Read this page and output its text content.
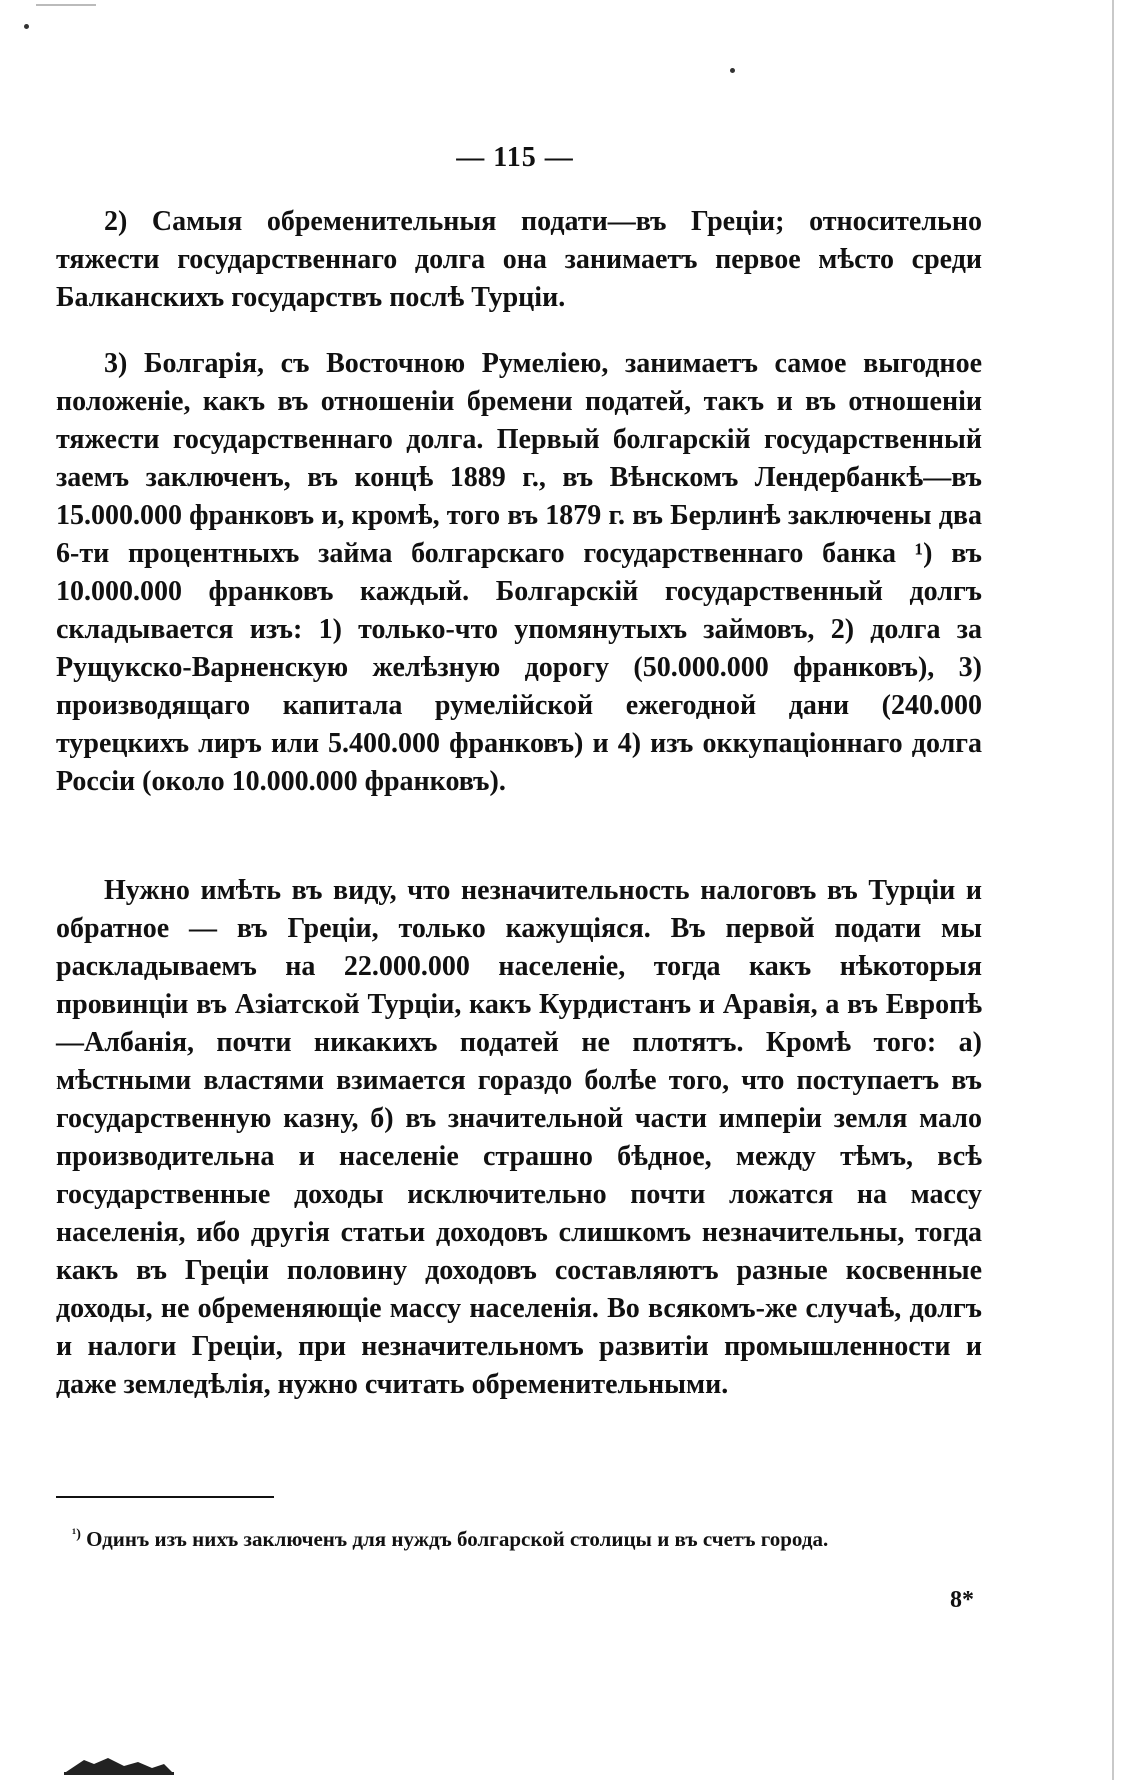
— 115 —

2) Самыя обременительныя подати—въ Греціи; относительно тяжести государственнаго долга она занимаетъ первое мѣсто среди Балканскихъ государствъ послѣ Турціи.

3) Болгарія, съ Восточною Румеліею, занимаетъ самое выгодное положеніе, какъ въ отношеніи бремени податей, такъ и въ отношеніи тяжести государственнаго долга. Первый болгарскій государственный заемъ заключенъ, въ концѣ 1889 г., въ Вѣнскомъ Лендербанкѣ—въ 15.000.000 франковъ и, кромѣ, того въ 1879 г. въ Берлинѣ заключены два 6-ти процентныхъ займа болгарскаго государственнаго банка ¹) въ 10.000.000 франковъ каждый. Болгарскій государственный долгъ складывается изъ: 1) только-что упомянутыхъ займовъ, 2) долга за Рущукско-Варненскую желѣзную дорогу (50.000.000 франковъ), 3) производящаго капитала румелійской ежегодной дани (240.000 турецкихъ лиръ или 5.400.000 франковъ) и 4) изъ оккупаціоннаго долга Россіи (около 10.000.000 франковъ).

Нужно имѣть въ виду, что незначительность налоговъ въ Турціи и обратное — въ Греціи, только кажущіяся. Въ первой подати мы раскладываемъ на 22.000.000 населеніе, тогда какъ нѣкоторыя провинціи въ Азіатской Турціи, какъ Курдистанъ и Аравія, а въ Европѣ—Албанія, почти никакихъ податей не плотятъ. Кромѣ того: а) мѣстными властями взимается гораздо болѣе того, что поступаетъ въ государственную казну, б) въ значительной части имперіи земля мало производительна и населеніе страшно бѣдное, между тѣмъ, всѣ государственные доходы исключительно почти ложатся на массу населенія, ибо другія статьи доходовъ слишкомъ незначительны, тогда какъ въ Греціи половину доходовъ составляютъ разные косвенные доходы, не обременяющіе массу населенія. Во всякомъ-же случаѣ, долгъ и налоги Греціи, при незначительномъ развитіи промышленности и даже земледѣлія, нужно считать обременительными.

$^{^1)}$ Одинъ изъ нихъ заключенъ для нуждъ болгарской столицы и въ счетъ города.
8*
